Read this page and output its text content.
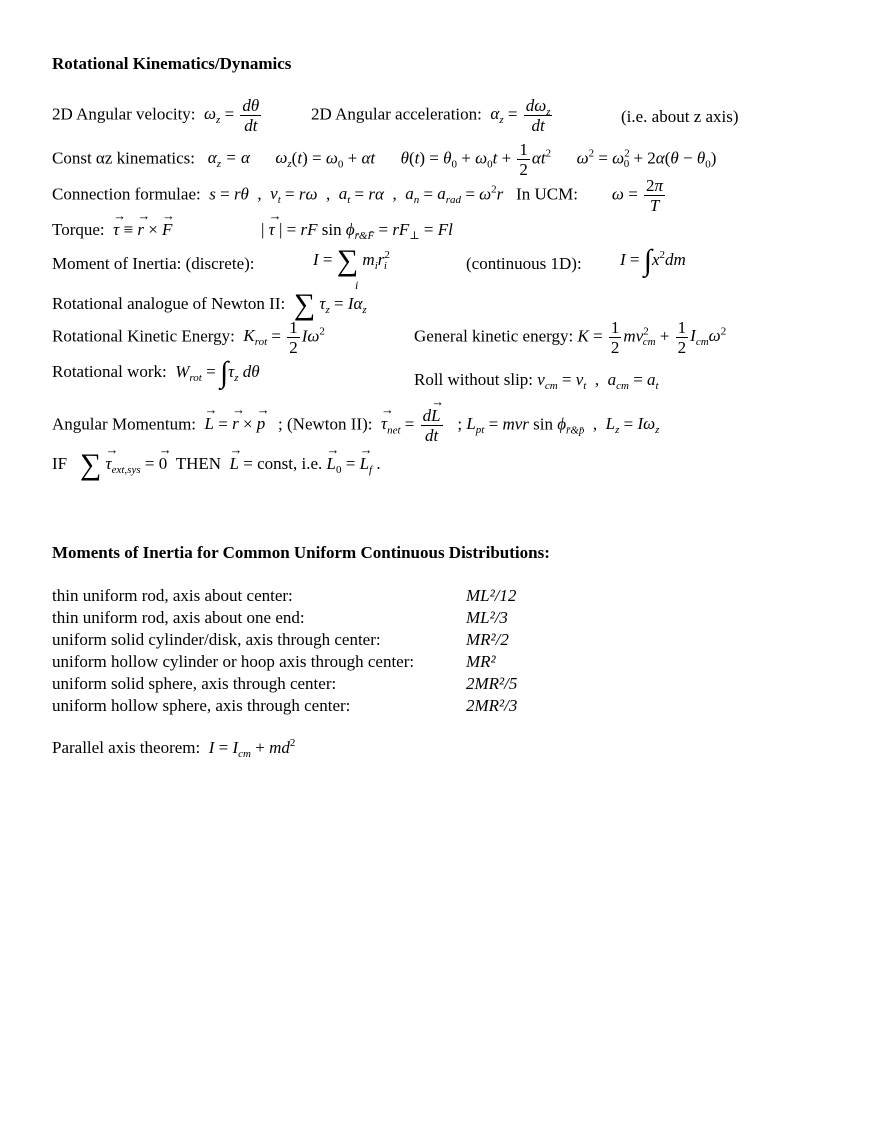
Rotational Kinematics/Dynamics
2D Angular velocity: $\omega_z = \frac{d\theta}{dt}$	2D Angular acceleration: $\alpha_z = \frac{d\omega_z}{dt}$	(i.e. about z axis)
Const αz kinematics: $\alpha_z = \alpha$ $\omega_z(t) = \omega_0 + \alpha t$ $\theta(t) = \theta_0 + \omega_0t + \frac{1}{2} \alpha t^2$ $\omega^2 = \omega^2_0 + 2\alpha(\theta - \theta_0)$
Connection formulae: s = rθ  ,  $v_t = r\omega$  ,  $a_t = r\alpha$  ,  $a_n = a_{rad} = \omega^2r$ In UCM: $\omega = \frac{2\pi}{T}$
Torque: → τ ≡ → r × → F	| → τ | = rF $\sin \phi_{r̄\&F̄} = rF_\perp = Fl$
Moment of Inertia: (discrete):	I = ∑ $m_ir^2_i$
i
(continuous 1D): $I = \int x^2dm$
Rotational analogue of Newton II: ∑ $\tau_z = I\alpha_z$
Rotational Kinetic Energy: $K_{rot} = \frac{1}{2} I\omega^2$	General kinetic energy: $K = \frac{1}{2} mv^2_{cm} + \frac{1}{2} I_{cm}\omega^2$
Rotational work: $W_{rot} = \int\tau_z$ dθ	Roll without slip: $v_{cm} = v_t$  ,  $a_{cm} = a_t$
Angular Momentum: → L = → r × → p ; (Newton II): → $\tau_{net} = \frac{d\to L}{dt}$ ; $L_{pt}$ = mvr $\sin \phi_{r̄\&p̄}$  ,  $L_z = I\omega_z$
IF ∑ → $\tau_{ext,sys}$ = → 0 THEN → L = const, i.e. → $L_0$ = → $L_f$ .
Moments of Inertia for Common Uniform Continuous Distributions:
thin uniform rod, axis about center:	ML²/12
thin uniform rod, axis about one end:	ML²/3
uniform solid cylinder/disk, axis through center:	MR²/2
uniform hollow cylinder or hoop axis through center:	MR²
uniform solid sphere, axis through center:	2MR²/5
uniform hollow sphere, axis through center:	2MR²/3
Parallel axis theorem: $I = I_{cm} + md^2$
